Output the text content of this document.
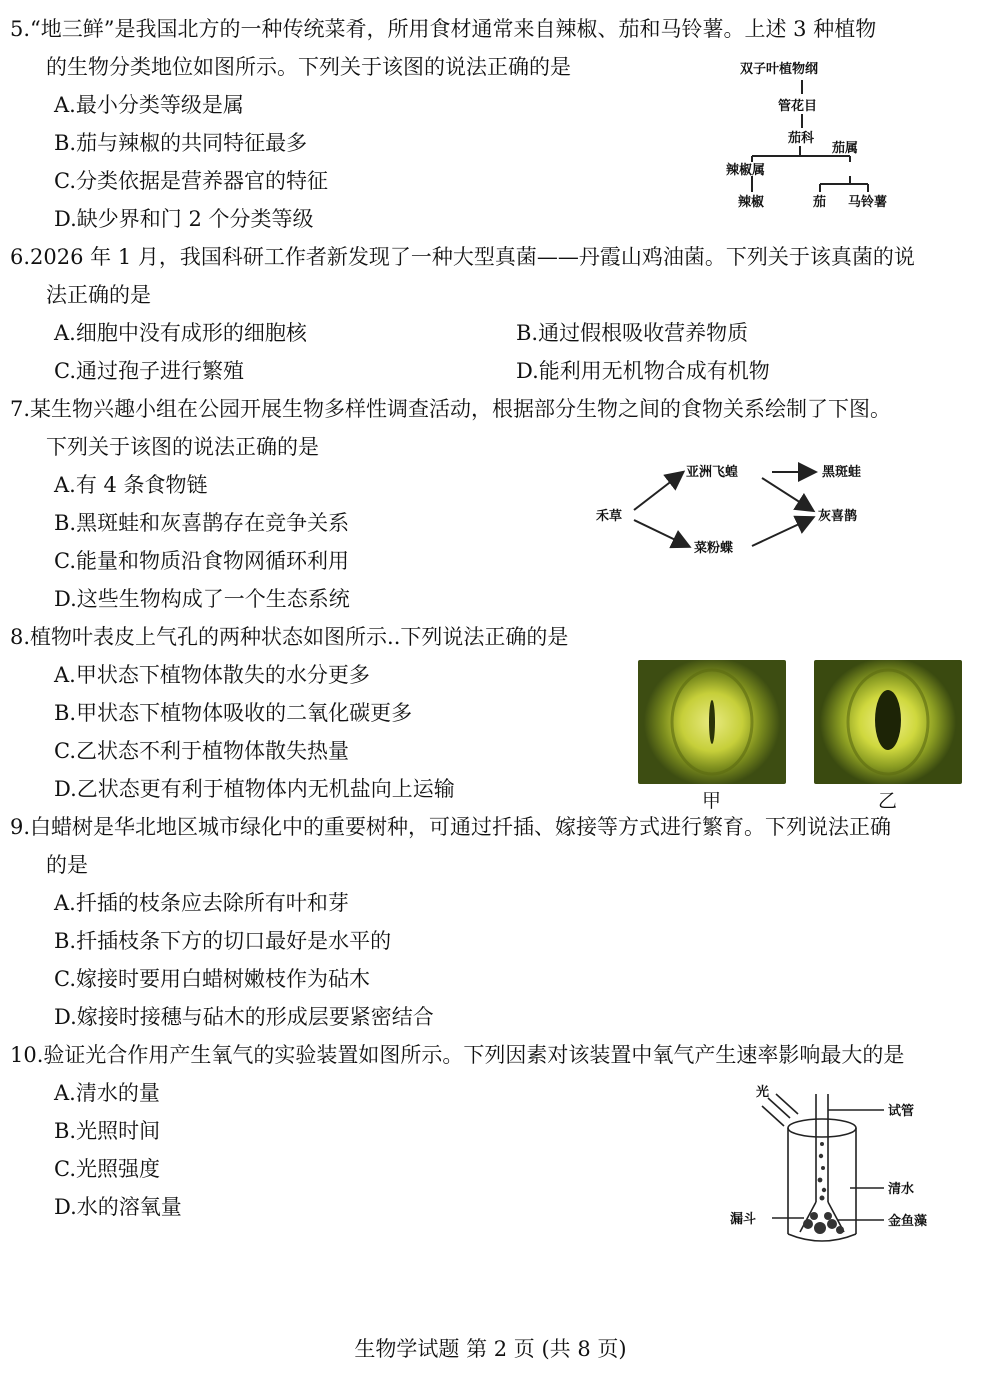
5.“地三鲜”是我国北方的一种传统菜肴，所用食材通常来自辣椒、茄和马铃薯。上述 3 种植物
的生物分类地位如图所示。下列关于该图的说法正确的是
A.最小分类等级是属
B.茄与辣椒的共同特征最多
C.分类依据是营养器官的特征
D.缺少界和门 2 个分类等级
双子叶植物纲
管花目
茄科
辣椒属
茄属
辣椒	茄 马铃薯
6.2026 年 1 月，我国科研工作者新发现了一种大型真菌——丹霞山鸡油菌。下列关于该真菌的说
法正确的是
A.细胞中没有成形的细胞核	B.通过假根吸收营养物质
C.通过孢子进行繁殖	D.能利用无机物合成有机物
7.某生物兴趣小组在公园开展生物多样性调查活动，根据部分生物之间的食物关系绘制了下图。
下列关于该图的说法正确的是
A.有 4 条食物链
B.黑斑蛙和灰喜鹊存在竞争关系
C.能量和物质沿食物网循环利用
D.这些生物构成了一个生态系统
禾草
亚洲飞蝗
菜粉蝶
黑斑蛙
灰喜鹊
8.植物叶表皮上气孔的两种状态如图所示..下列说法正确的是
A.甲状态下植物体散失的水分更多
B.甲状态下植物体吸收的二氧化碳更多
C.乙状态不利于植物体散失热量
D.乙状态更有利于植物体内无机盐向上运输	甲	乙
9.白蜡树是华北地区城市绿化中的重要树种，可通过扦插、嫁接等方式进行繁育。下列说法正确
的是
A.扦插的枝条应去除所有叶和芽
B.扦插枝条下方的切口最好是水平的
C.嫁接时要用白蜡树嫩枝作为砧木
D.嫁接时接穗与砧木的形成层要紧密结合
10.验证光合作用产生氧气的实验装置如图所示。下列因素对该装置中氧气产生速率影响最大的是
A.清水的量
B.光照时间
C.光照强度
D.水的溶氧量
光
试管
清水
漏斗	金鱼藻
生物学试题 第 2 页 (共 8 页)
